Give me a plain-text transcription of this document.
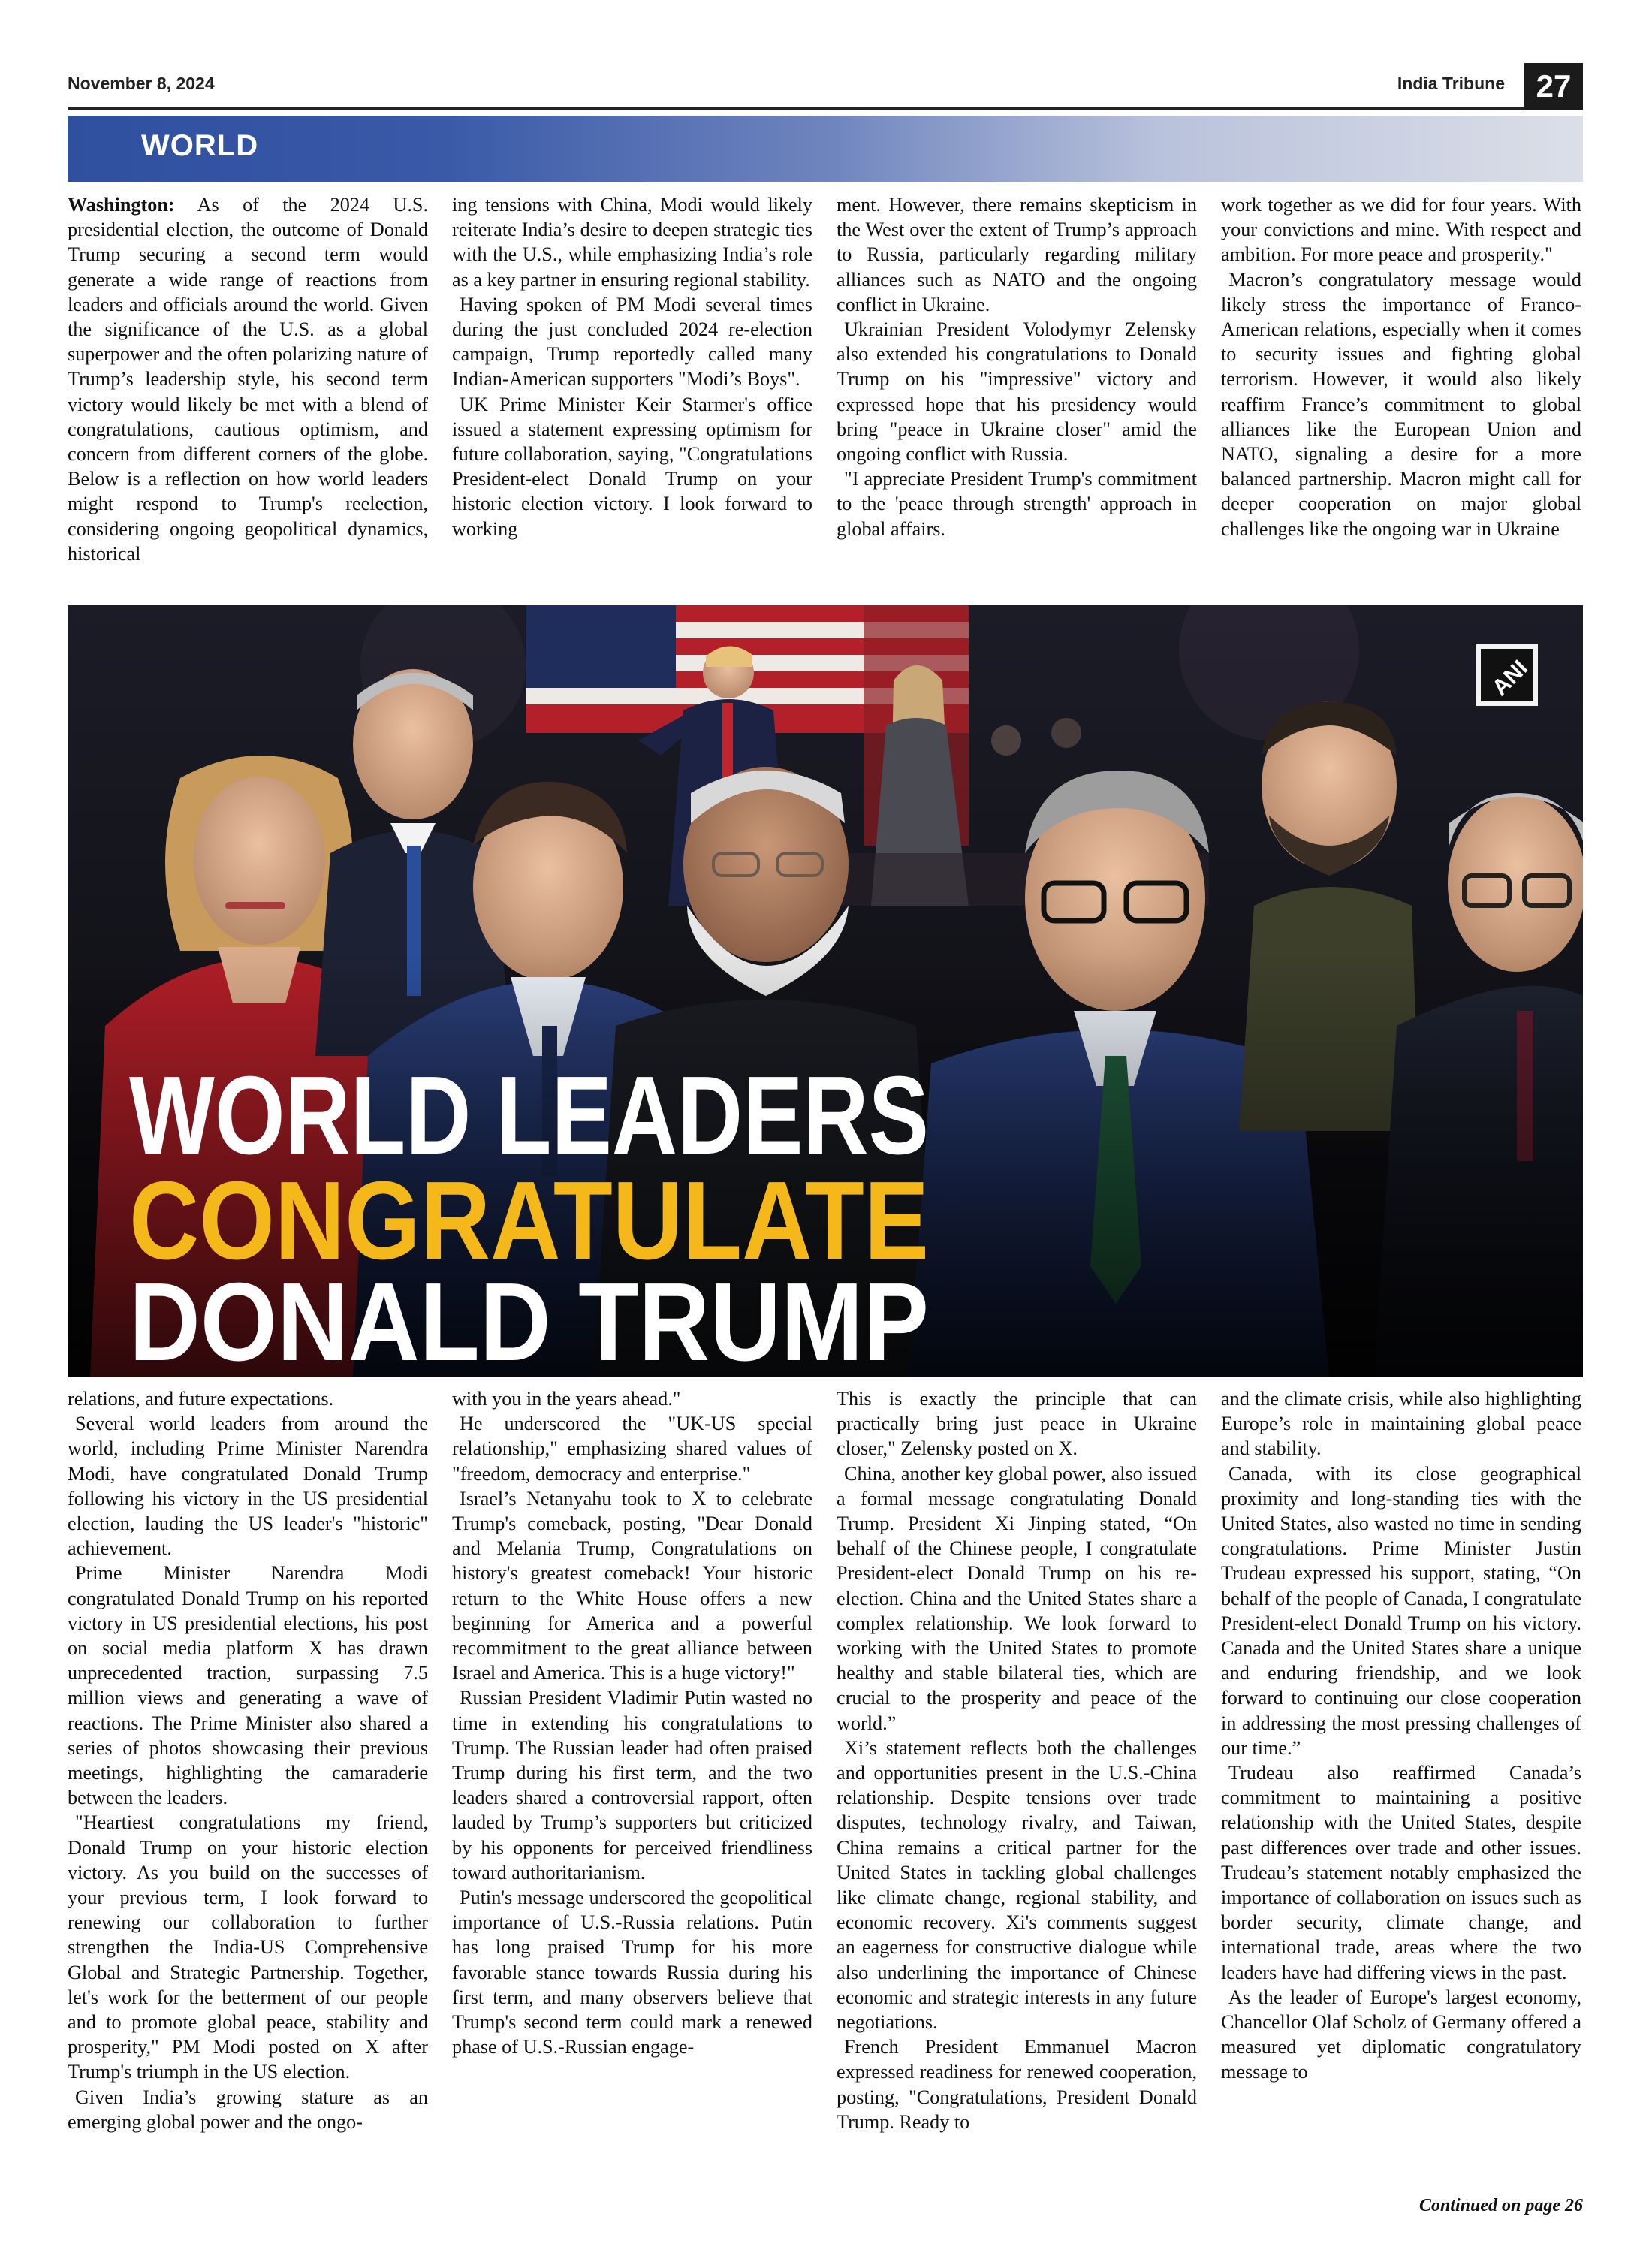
November 8, 2024	India Tribune 27
WORLD

Washington: As of the 2024 U.S. presidential election, the outcome of Donald Trump securing a second term would generate a wide range of reactions from leaders and officials around the world. Given the significance of the U.S. as a global superpower and the often polarizing nature of Trump’s leadership style, his second term victory would likely be met with a blend of congratulations, cautious optimism, and concern from different corners of the globe. Below is a reflection on how world leaders might respond to Trump's reelection, considering ongoing geopolitical dynamics, historical

ing tensions with China, Modi would likely reiterate India’s desire to deepen strategic ties with the U.S., while emphasizing India’s role as a key partner in ensuring regional stability.

Having spoken of PM Modi several times during the just concluded 2024 re-election campaign, Trump reportedly called many Indian-American supporters "Modi’s Boys".

UK Prime Minister Keir Starmer's office issued a statement expressing optimism for future collaboration, saying, "Congratulations President-elect Donald Trump on your historic election victory. I look forward to working

ment. However, there remains skepticism in the West over the extent of Trump’s approach to Russia, particularly regarding military alliances such as NATO and the ongoing conflict in Ukraine.

Ukrainian President Volodymyr Zelensky also extended his congratulations to Donald Trump on his "impressive" victory and expressed hope that his presidency would bring "peace in Ukraine closer" amid the ongoing conflict with Russia.

"I appreciate President Trump's commitment to the 'peace through strength' approach in global affairs.

work together as we did for four years. With your convictions and mine. With respect and ambition. For more peace and prosperity."

Macron’s congratulatory message would likely stress the importance of Franco-American relations, especially when it comes to security issues and fighting global terrorism. However, it would also likely reaffirm France’s commitment to global alliances like the European Union and NATO, signaling a desire for a more balanced partnership. Macron might call for deeper cooperation on major global challenges like the ongoing war in Ukraine

ANI
WORLD LEADERS
CONGRATULATE
DONALD TRUMP

relations, and future expectations.

Several world leaders from around the world, including Prime Minister Narendra Modi, have congratulated Donald Trump following his victory in the US presidential election, lauding the US leader's "historic" achievement.

Prime Minister Narendra Modi congratulated Donald Trump on his reported victory in US presidential elections, his post on social media platform X has drawn unprecedented traction, surpassing 7.5 million views and generating a wave of reactions. The Prime Minister also shared a series of photos showcasing their previous meetings, highlighting the camaraderie between the leaders.

"Heartiest congratulations my friend, Donald Trump on your historic election victory. As you build on the successes of your previous term, I look forward to renewing our collaboration to further strengthen the India-US Comprehensive Global and Strategic Partnership. Together, let's work for the betterment of our people and to promote global peace, stability and prosperity," PM Modi posted on X after Trump's triumph in the US election.

Given India’s growing stature as an emerging global power and the ongo-

with you in the years ahead."

He underscored the "UK-US special relationship," emphasizing shared values of "freedom, democracy and enterprise."

Israel’s Netanyahu took to X to celebrate Trump's comeback, posting, "Dear Donald and Melania Trump, Congratulations on history's greatest comeback! Your historic return to the White House offers a new beginning for America and a powerful recommitment to the great alliance between Israel and America. This is a huge victory!"

Russian President Vladimir Putin wasted no time in extending his congratulations to Trump. The Russian leader had often praised Trump during his first term, and the two leaders shared a controversial rapport, often lauded by Trump’s supporters but criticized by his opponents for perceived friendliness toward authoritarianism.

Putin's message underscored the geopolitical importance of U.S.-Russia relations. Putin has long praised Trump for his more favorable stance towards Russia during his first term, and many observers believe that Trump's second term could mark a renewed phase of U.S.-Russian engage-

This is exactly the principle that can practically bring just peace in Ukraine closer," Zelensky posted on X.

China, another key global power, also issued a formal message congratulating Donald Trump. President Xi Jinping stated, “On behalf of the Chinese people, I congratulate President-elect Donald Trump on his re-election. China and the United States share a complex relationship. We look forward to working with the United States to promote healthy and stable bilateral ties, which are crucial to the prosperity and peace of the world.”

Xi’s statement reflects both the challenges and opportunities present in the U.S.-China relationship. Despite tensions over trade disputes, technology rivalry, and Taiwan, China remains a critical partner for the United States in tackling global challenges like climate change, regional stability, and economic recovery. Xi's comments suggest an eagerness for constructive dialogue while also underlining the importance of Chinese economic and strategic interests in any future negotiations.

French President Emmanuel Macron expressed readiness for renewed cooperation, posting, "Congratulations, President Donald Trump. Ready to

and the climate crisis, while also highlighting Europe’s role in maintaining global peace and stability.

Canada, with its close geographical proximity and long-standing ties with the United States, also wasted no time in sending congratulations. Prime Minister Justin Trudeau expressed his support, stating, “On behalf of the people of Canada, I congratulate President-elect Donald Trump on his victory. Canada and the United States share a unique and enduring friendship, and we look forward to continuing our close cooperation in addressing the most pressing challenges of our time.”

Trudeau also reaffirmed Canada’s commitment to maintaining a positive relationship with the United States, despite past differences over trade and other issues. Trudeau’s statement notably emphasized the importance of collaboration on issues such as border security, climate change, and international trade, areas where the two leaders have had differing views in the past.

As the leader of Europe's largest economy, Chancellor Olaf Scholz of Germany offered a measured yet diplomatic congratulatory message to

Continued on page 26
